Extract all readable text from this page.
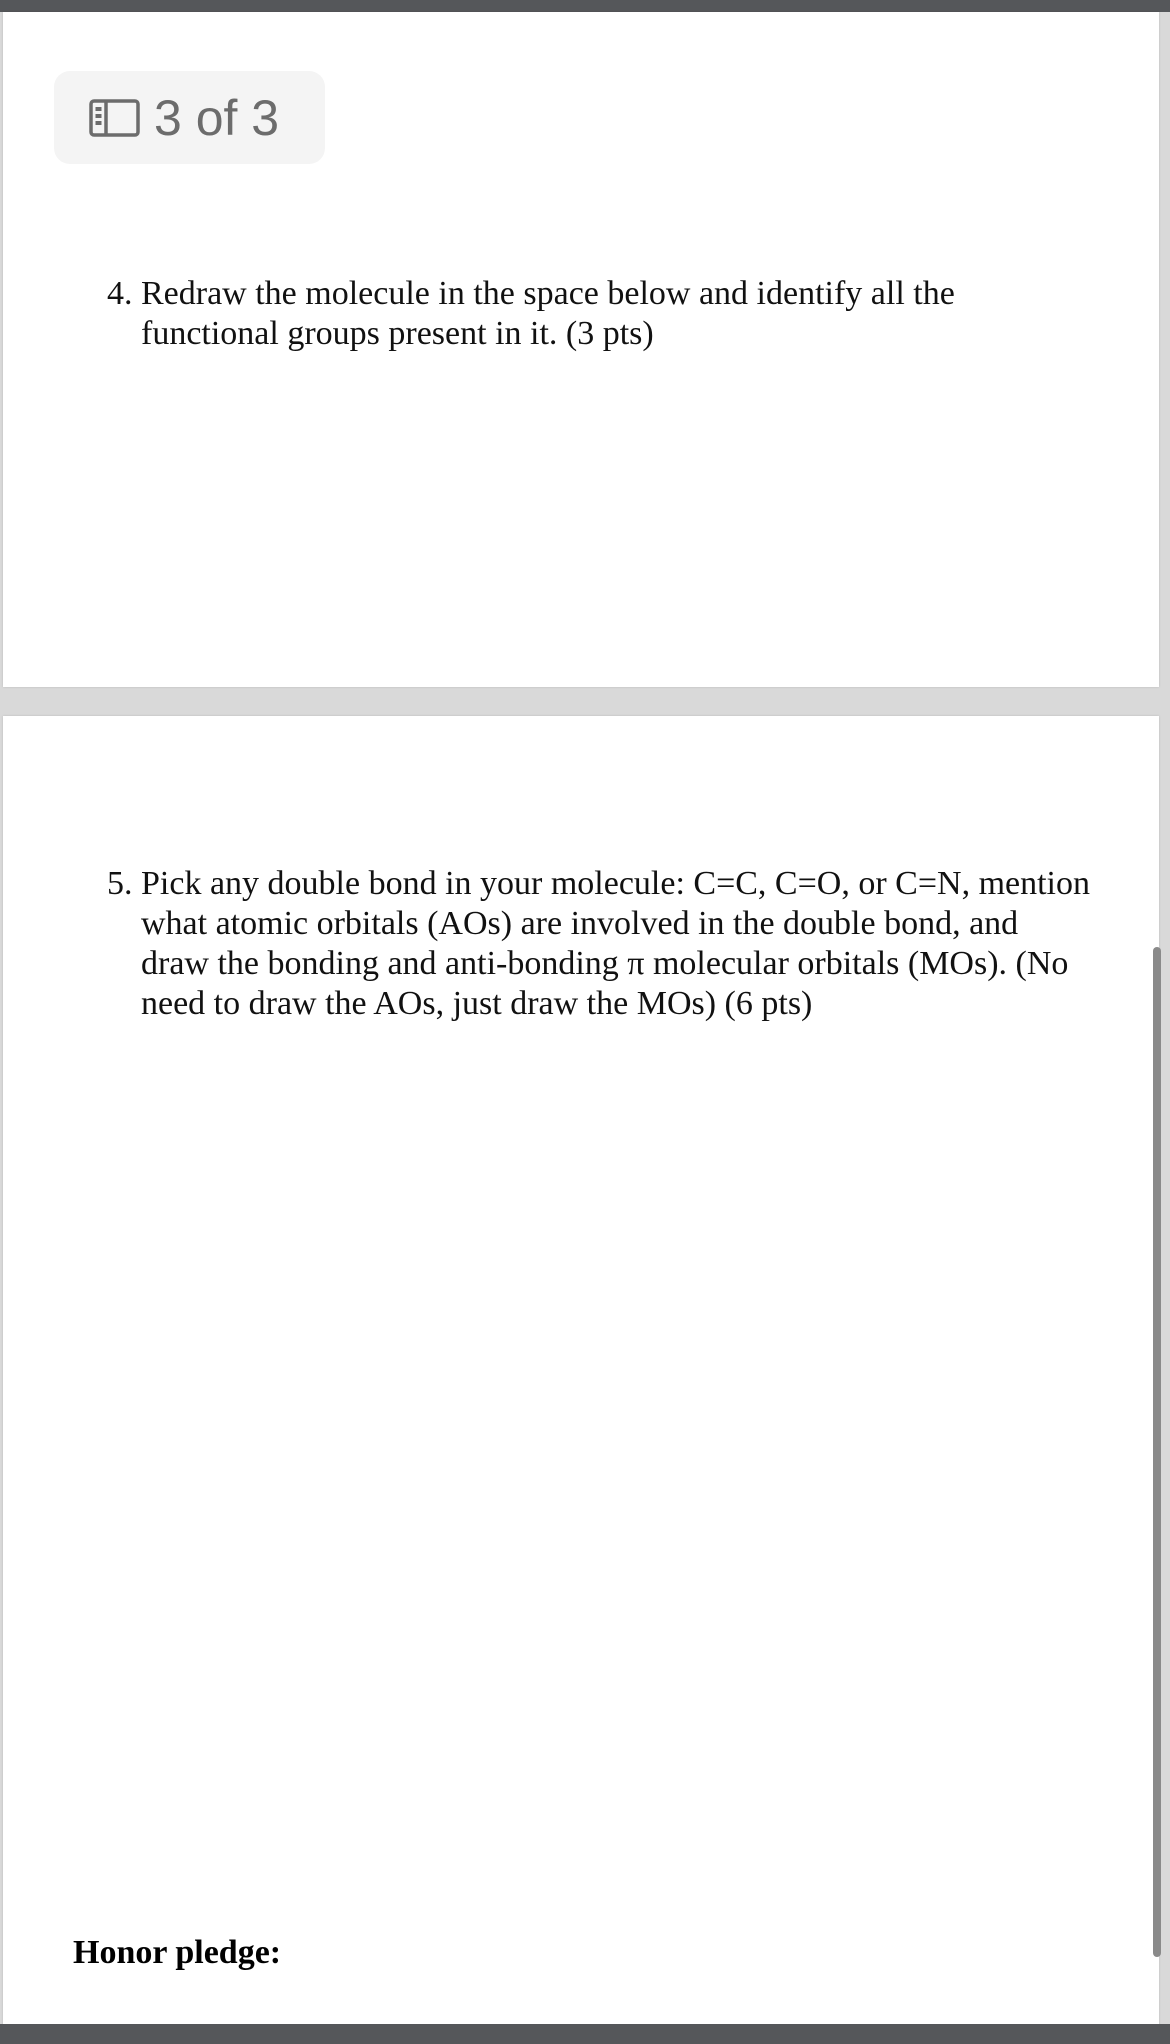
3 of 3
4. Redraw the molecule in the space below and identify all the functional groups present in it. (3 pts)
5. Pick any double bond in your molecule: C=C, C=O, or C=N, mention what atomic orbitals (AOs) are involved in the double bond, and draw the bonding and anti-bonding π molecular orbitals (MOs). (No need to draw the AOs, just draw the MOs) (6 pts)
Honor pledge:
